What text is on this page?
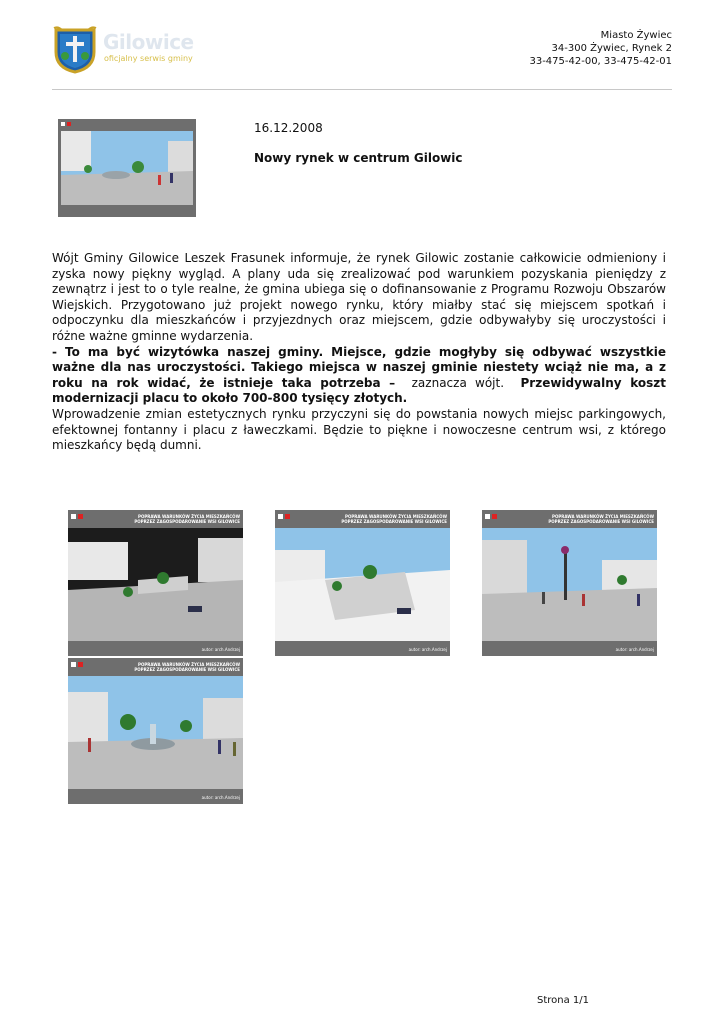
Gilowice
oficjalny serwis gminy
Miasto Żywiec
34-300 Żywiec, Rynek 2
33-475-42-00, 33-475-42-01
16.12.2008
Nowy rynek w centrum Gilowic

Wójt Gminy Gilowice Leszek Frasunek informuje, że rynek Gilowic zostanie całkowicie odmieniony i zyska nowy piękny wygląd. A plany uda się zrealizować pod warunkiem pozyskania pieniędzy z zewnątrz i jest to o tyle realne, że gmina ubiega się o dofinansowanie z Programu Rozwoju Obszarów Wiejskich. Przygotowano już projekt nowego rynku, który miałby stać się miejscem spotkań i odpoczynku dla mieszkańców i przyjezdnych oraz miejscem, gdzie odbywałyby się uroczystości i różne ważne gminne wydarzenia.

- To ma być wizytówka naszej gminy. Miejsce, gdzie mogłyby się odbywać wszystkie ważne dla nas uroczystości. Takiego miejsca w naszej gminie niestety wciąż nie ma, a z roku na rok widać, że istnieje taka potrzeba –  zaznacza wójt.  Przewidywalny koszt modernizacji placu to około 700-800 tysięcy złotych.

Wprowadzenie zmian estetycznych rynku przyczyni się do powstania nowych miejsc parkingowych, efektownej fontanny i placu z ławeczkami. Będzie to piękne i nowoczesne centrum wsi, z którego mieszkańcy będą dumni.

POPRAWA WARUNKÓW ŻYCIA MIESZKAŃCÓW
POPRZEZ ZAGOSPODAROWANIE WSI GILOWICE
autor: arch.Andrzej
POPRAWA WARUNKÓW ŻYCIA MIESZKAŃCÓW
POPRZEZ ZAGOSPODAROWANIE WSI GILOWICE
autor: arch.Andrzej
POPRAWA WARUNKÓW ŻYCIA MIESZKAŃCÓW
POPRZEZ ZAGOSPODAROWANIE WSI GILOWICE
autor: arch.Andrzej
POPRAWA WARUNKÓW ŻYCIA MIESZKAŃCÓW
POPRZEZ ZAGOSPODAROWANIE WSI GILOWICE
autor: arch.Andrzej
Strona 1/1
